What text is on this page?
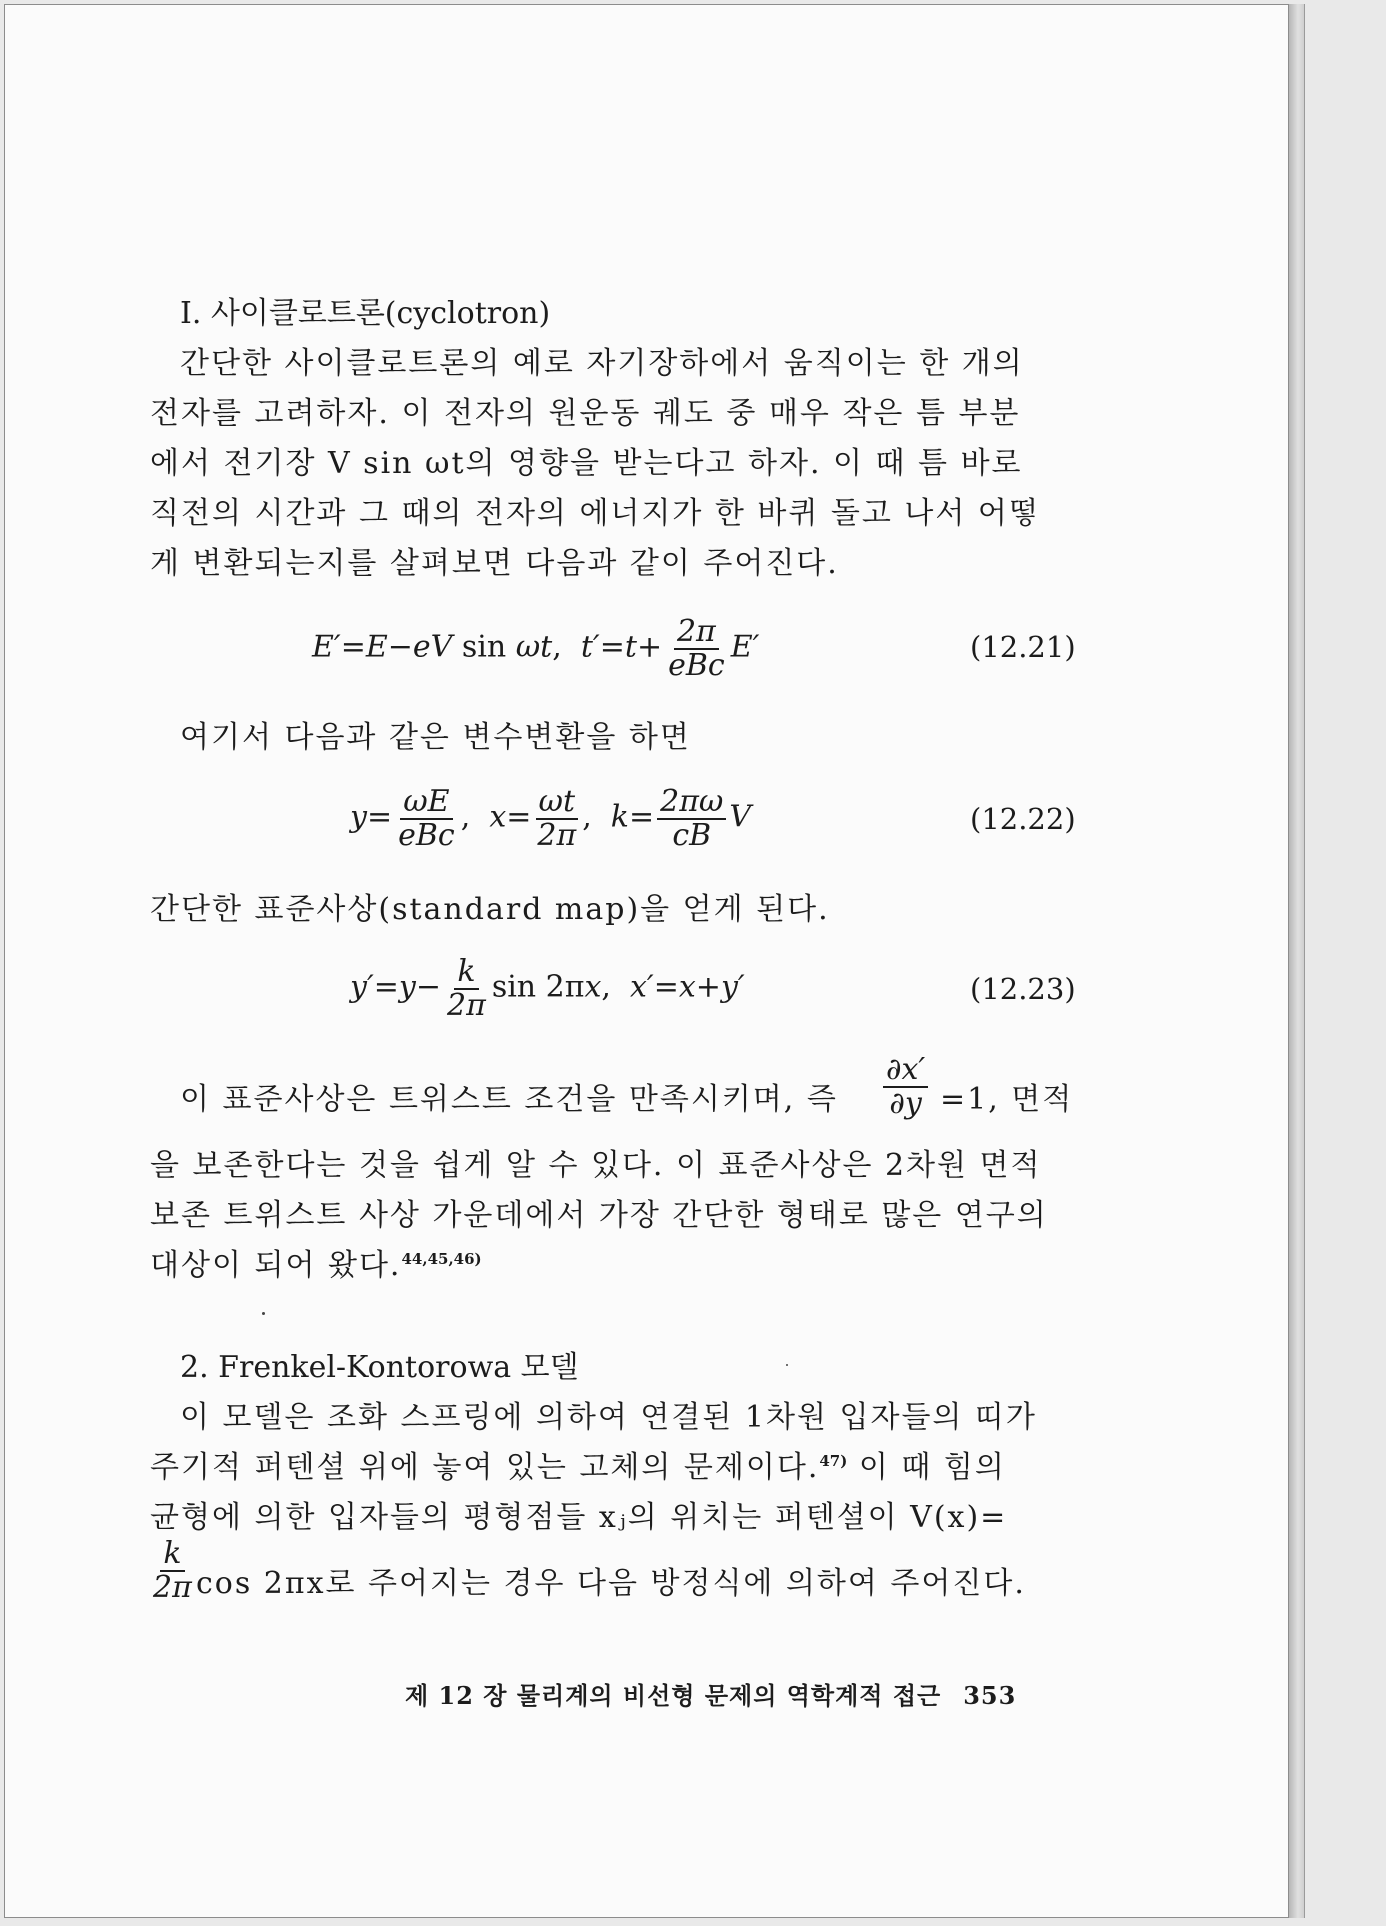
Ⅰ. 사이클로트론(cyclotron)
간단한 사이클로트론의 예로 자기장하에서 움직이는 한 개의
전자를 고려하자. 이 전자의 원운동 궤도 중 매우 작은 틈 부분
에서 전기장 V sin ωt의 영향을 받는다고 하자. 이 때 틈 바로
직전의 시간과 그 때의 전자의 에너지가 한 바퀴 돌고 나서 어떻
게 변환되는지를 살펴보면 다음과 같이 주어진다.
E′=E−eV sin ωt,  $t'=t+ \frac{2\pi}{\text{eBc}} E'$	(12.21)
여기서 다음과 같은 변수변환을 하면
$y= \frac{\omega E}{\text{eBc}}$ ,  $x= \frac{\omega t}{2\pi}$ ,  $k= \frac{2\pi\omega}{cB}$ V	(12.22)
간단한 표준사상(standard map)을 얻게 된다.
$y'=y- \frac{k}{2\pi}$ sin 2πx,  x′=x+y′	(12.23)
이 표준사상은 트위스트 조건을 만족시키며, 즉	$\frac{\partial x'}{\partial y} =1$, 면적
을 보존한다는 것을 쉽게 알 수 있다. 이 표준사상은 2차원 면적
보존 트위스트 사상 가운데에서 가장 간단한 형태로 많은 연구의
대상이 되어 왔다.$^{44,45,46)}$
2. Frenkel-Kontorowa 모델
이 모델은 조화 스프링에 의하여 연결된 1차원 입자들의 띠가
주기적 퍼텐셜 위에 놓여 있는 고체의 문제이다.$^{47)}$ 이 때 힘의
균형에 의한 입자들의 평형점들 xⱼ의 위치는 퍼텐셜이 V(x)=
$\frac{k}{2\pi}$ cos 2πx로 주어지는 경우 다음 방정식에 의하여 주어진다.
제 12 장 물리계의 비선형 문제의 역학계적 접근 353
